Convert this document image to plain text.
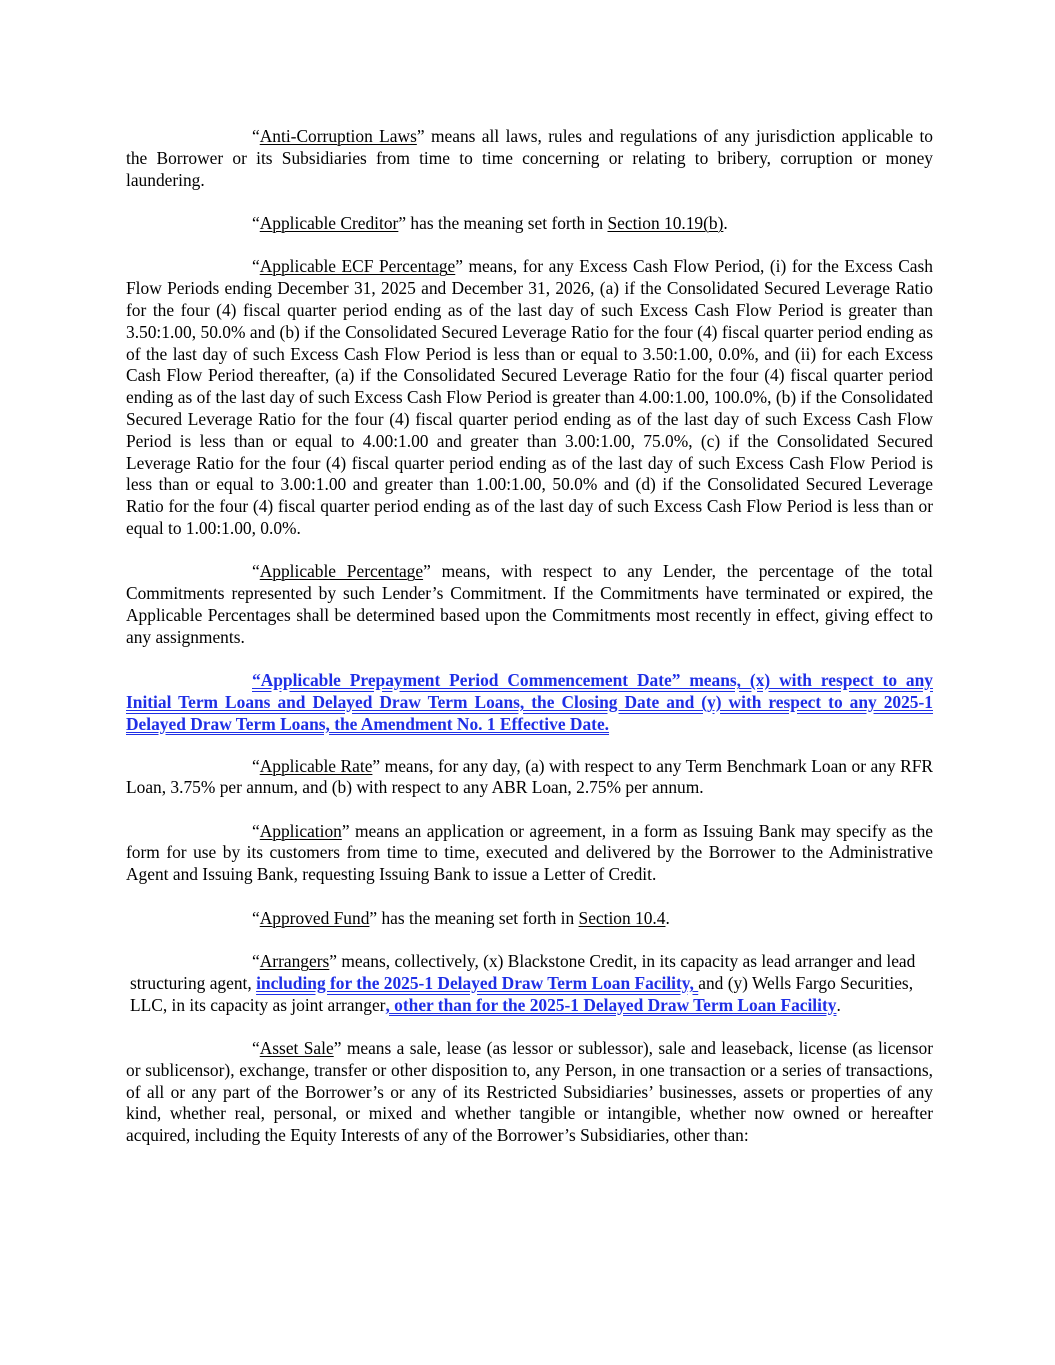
“Anti-Corruption Laws” means all laws, rules and regulations of any jurisdiction applicable to the Borrower or its Subsidiaries from time to time concerning or relating to bribery, corruption or money laundering.

“Applicable Creditor” has the meaning set forth in Section 10.19(b).

“Applicable ECF Percentage” means, for any Excess Cash Flow Period, (i) for the Excess Cash Flow Periods ending December 31, 2025 and December 31, 2026, (a) if the Consolidated Secured Leverage Ratio for the four (4) fiscal quarter period ending as of the last day of such Excess Cash Flow Period is greater than 3.50:1.00, 50.0% and (b) if the Consolidated Secured Leverage Ratio for the four (4) fiscal quarter period ending as of the last day of such Excess Cash Flow Period is less than or equal to 3.50:1.00, 0.0%, and (ii) for each Excess Cash Flow Period thereafter, (a) if the Consolidated Secured Leverage Ratio for the four (4) fiscal quarter period ending as of the last day of such Excess Cash Flow Period is greater than 4.00:1.00, 100.0%, (b) if the Consolidated Secured Leverage Ratio for the four (4) fiscal quarter period ending as of the last day of such Excess Cash Flow Period is less than or equal to 4.00:1.00 and greater than 3.00:1.00, 75.0%, (c) if the Consolidated Secured Leverage Ratio for the four (4) fiscal quarter period ending as of the last day of such Excess Cash Flow Period is less than or equal to 3.00:1.00 and greater than 1.00:1.00, 50.0% and (d) if the Consolidated Secured Leverage Ratio for the four (4) fiscal quarter period ending as of the last day of such Excess Cash Flow Period is less than or equal to 1.00:1.00, 0.0%.

“Applicable Percentage” means, with respect to any Lender, the percentage of the total Commitments represented by such Lender’s Commitment. If the Commitments have terminated or expired, the Applicable Percentages shall be determined based upon the Commitments most recently in effect, giving effect to any assignments.

“Applicable Prepayment Period Commencement Date” means, (x) with respect to any Initial Term Loans and Delayed Draw Term Loans, the Closing Date and (y) with respect to any 2025-1 Delayed Draw Term Loans, the Amendment No. 1 Effective Date.

“Applicable Rate” means, for any day, (a) with respect to any Term Benchmark Loan or any RFR Loan, 3.75% per annum, and (b) with respect to any ABR Loan, 2.75% per annum.

“Application” means an application or agreement, in a form as Issuing Bank may specify as the form for use by its customers from time to time, executed and delivered by the Borrower to the Administrative Agent and Issuing Bank, requesting Issuing Bank to issue a Letter of Credit.

“Approved Fund” has the meaning set forth in Section 10.4.

“Arrangers” means, collectively, (x) Blackstone Credit, in its capacity as lead arranger and lead structuring agent, including for the 2025-1 Delayed Draw Term Loan Facility, and (y) Wells Fargo Securities, LLC, in its capacity as joint arranger, other than for the 2025-1 Delayed Draw Term Loan Facility.

“Asset Sale” means a sale, lease (as lessor or sublessor), sale and leaseback, license (as licensor or sublicensor), exchange, transfer or other disposition to, any Person, in one transaction or a series of transactions, of all or any part of the Borrower’s or any of its Restricted Subsidiaries’ businesses, assets or properties of any kind, whether real, personal, or mixed and whether tangible or intangible, whether now owned or hereafter acquired, including the Equity Interests of any of the Borrower’s Subsidiaries, other than:
